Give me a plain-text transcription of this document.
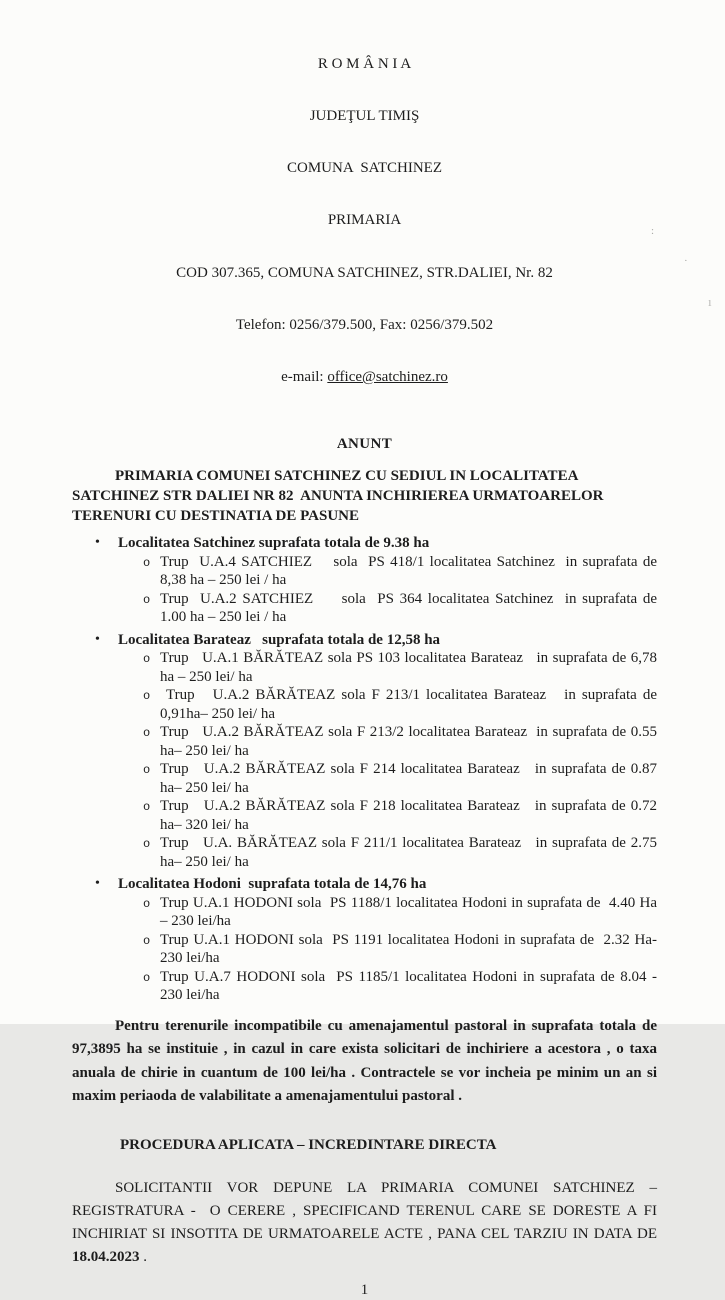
R O M Â N I A

JUDEŢUL TIMIŞ

COMUNA  SATCHINEZ

PRIMARIA

COD 307.365, COMUNA SATCHINEZ, STR.DALIEI, Nr. 82

Telefon: 0256/379.500, Fax: 0256/379.502

e-mail: office@satchinez.ro

ANUNT

PRIMARIA COMUNEI SATCHINEZ CU SEDIUL IN LOCALITATEA SATCHINEZ STR DALIEI NR 82  ANUNTA INCHIRIEREA URMATOARELOR  TERENURI CU DESTINATIA DE PASUNE

•	Localitatea Satchinez suprafata totala de 9.38 ha
o Trup  U.A.4 SATCHIEZ    sola  PS 418/1 localitatea Satchinez  in suprafata de  8,38 ha – 250 lei / ha
o Trup  U.A.2 SATCHIEZ     sola  PS 364 localitatea Satchinez  in suprafata de  1.00 ha – 250 lei / ha
•	Localitatea Barateaz   suprafata totala de 12,58 ha
o Trup   U.A.1 BĂRĂTEAZ sola PS 103 localitatea Barateaz   in suprafata de 6,78 ha – 250 lei/ ha
o Trup   U.A.2 BĂRĂTEAZ sola F 213/1 localitatea Barateaz   in suprafata de 0,91ha– 250 lei/ ha
o Trup   U.A.2 BĂRĂTEAZ sola F 213/2 localitatea Barateaz  in suprafata de 0.55 ha– 250 lei/ ha
o Trup   U.A.2 BĂRĂTEAZ sola F 214 localitatea Barateaz   in suprafata de 0.87 ha– 250 lei/ ha
o Trup   U.A.2 BĂRĂTEAZ sola F 218 localitatea Barateaz   in suprafata de 0.72 ha– 320 lei/ ha
o Trup   U.A. BĂRĂTEAZ sola F 211/1 localitatea Barateaz   in suprafata de 2.75 ha– 250 lei/ ha
•	Localitatea Hodoni  suprafata totala de 14,76 ha
o Trup U.A.1 HODONI sola  PS 1188/1 localitatea Hodoni in suprafata de  4.40 Ha – 230 lei/ha
o Trup U.A.1 HODONI sola  PS 1191 localitatea Hodoni in suprafata de  2.32 Ha- 230 lei/ha
o Trup U.A.7 HODONI sola  PS 1185/1 localitatea Hodoni in suprafata de 8.04 -  230 lei/ha

Pentru terenurile incompatibile cu amenajamentul pastoral in suprafata totala de 97,3895 ha se instituie , in cazul in care exista solicitari de inchiriere a acestora , o taxa anuala de chirie in cuantum de 100 lei/ha . Contractele se vor incheia pe minim un an si maxim periaoda de valabilitate a amenajamentului pastoral .

PROCEDURA APLICATA – INCREDINTARE DIRECTA

SOLICITANTII VOR DEPUNE LA PRIMARIA COMUNEI SATCHINEZ – REGISTRATURA -  O CERERE , SPECIFICAND TERENUL CARE SE DORESTE A FI INCHIRIAT SI INSOTITA DE URMATOARELE ACTE , PANA CEL TARZIU IN DATA DE 18.04.2023 .

1
:
·
ı
